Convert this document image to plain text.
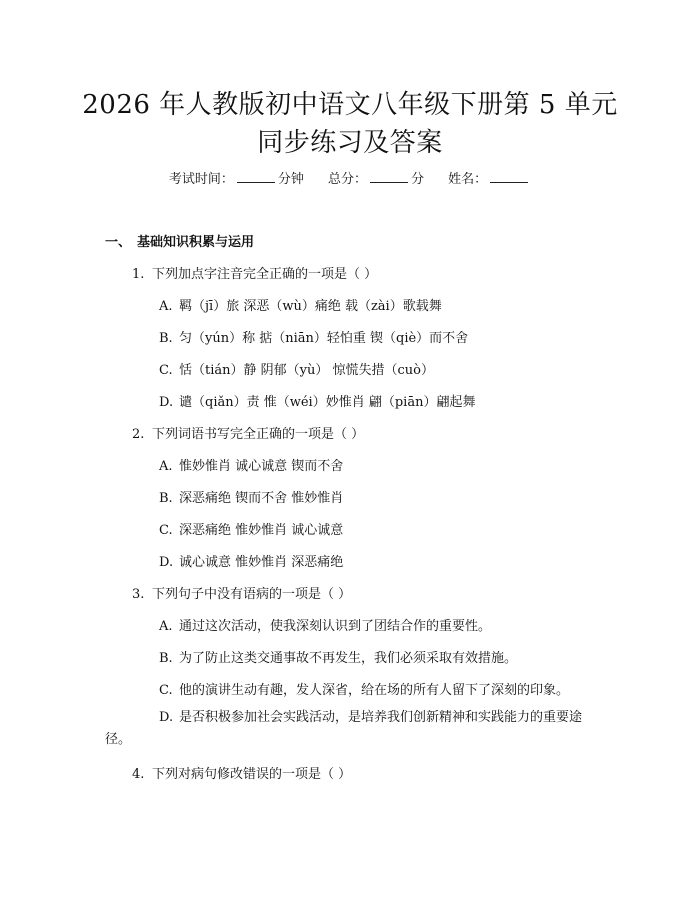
2026 年人教版初中语文八年级下册第 5 单元
同步练习及答案
考试时间：	分钟 总分：	分 姓名：
一、 基础知识积累与运用
1. 下列加点字注音完全正确的一项是（ ）
A. 羁（jī）旅 深恶（wù）痛绝 载（zài）歌载舞
B. 匀（yún）称 掂（niān）轻怕重 锲（qiè）而不舍
C. 恬（tián）静 阴郁（yù） 惊慌失措（cuò）
D. 谴（qiǎn）责 惟（wéi）妙惟肖 翩（piān）翩起舞
2. 下列词语书写完全正确的一项是（ ）
A. 惟妙惟肖 诚心诚意 锲而不舍
B. 深恶痛绝 锲而不舍 惟妙惟肖
C. 深恶痛绝 惟妙惟肖 诚心诚意
D. 诚心诚意 惟妙惟肖 深恶痛绝
3. 下列句子中没有语病的一项是（ ）
A. 通过这次活动，使我深刻认识到了团结合作的重要性。
B. 为了防止这类交通事故不再发生，我们必须采取有效措施。
C. 他的演讲生动有趣，发人深省，给在场的所有人留下了深刻的印象。
D. 是否积极参加社会实践活动，是培养我们创新精神和实践能力的重要途径。
4. 下列对病句修改错误的一项是（ ）
